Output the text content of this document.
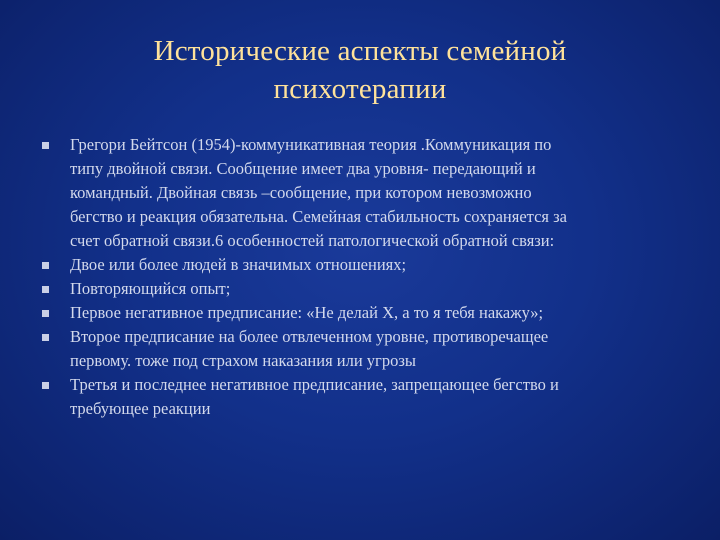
Исторические аспекты семейной
психотерапии
Грегори Бейтсон (1954)-коммуникативная теория .Коммуникация по
типу двойной связи. Сообщение имеет два уровня- передающий и
командный. Двойная связь –сообщение, при котором невозможно
бегство и реакция обязательна. Семейная стабильность сохраняется за
счет обратной связи.6 особенностей патологической обратной связи:
Двое или более людей в значимых отношениях;
Повторяющийся опыт;
Первое негативное предписание: «Не делай Х, а то я тебя накажу»;
Второе предписание на более отвлеченном уровне, противоречащее
первому. тоже под страхом наказания или угрозы
Третья и последнее негативное предписание, запрещающее бегство и
требующее реакции
